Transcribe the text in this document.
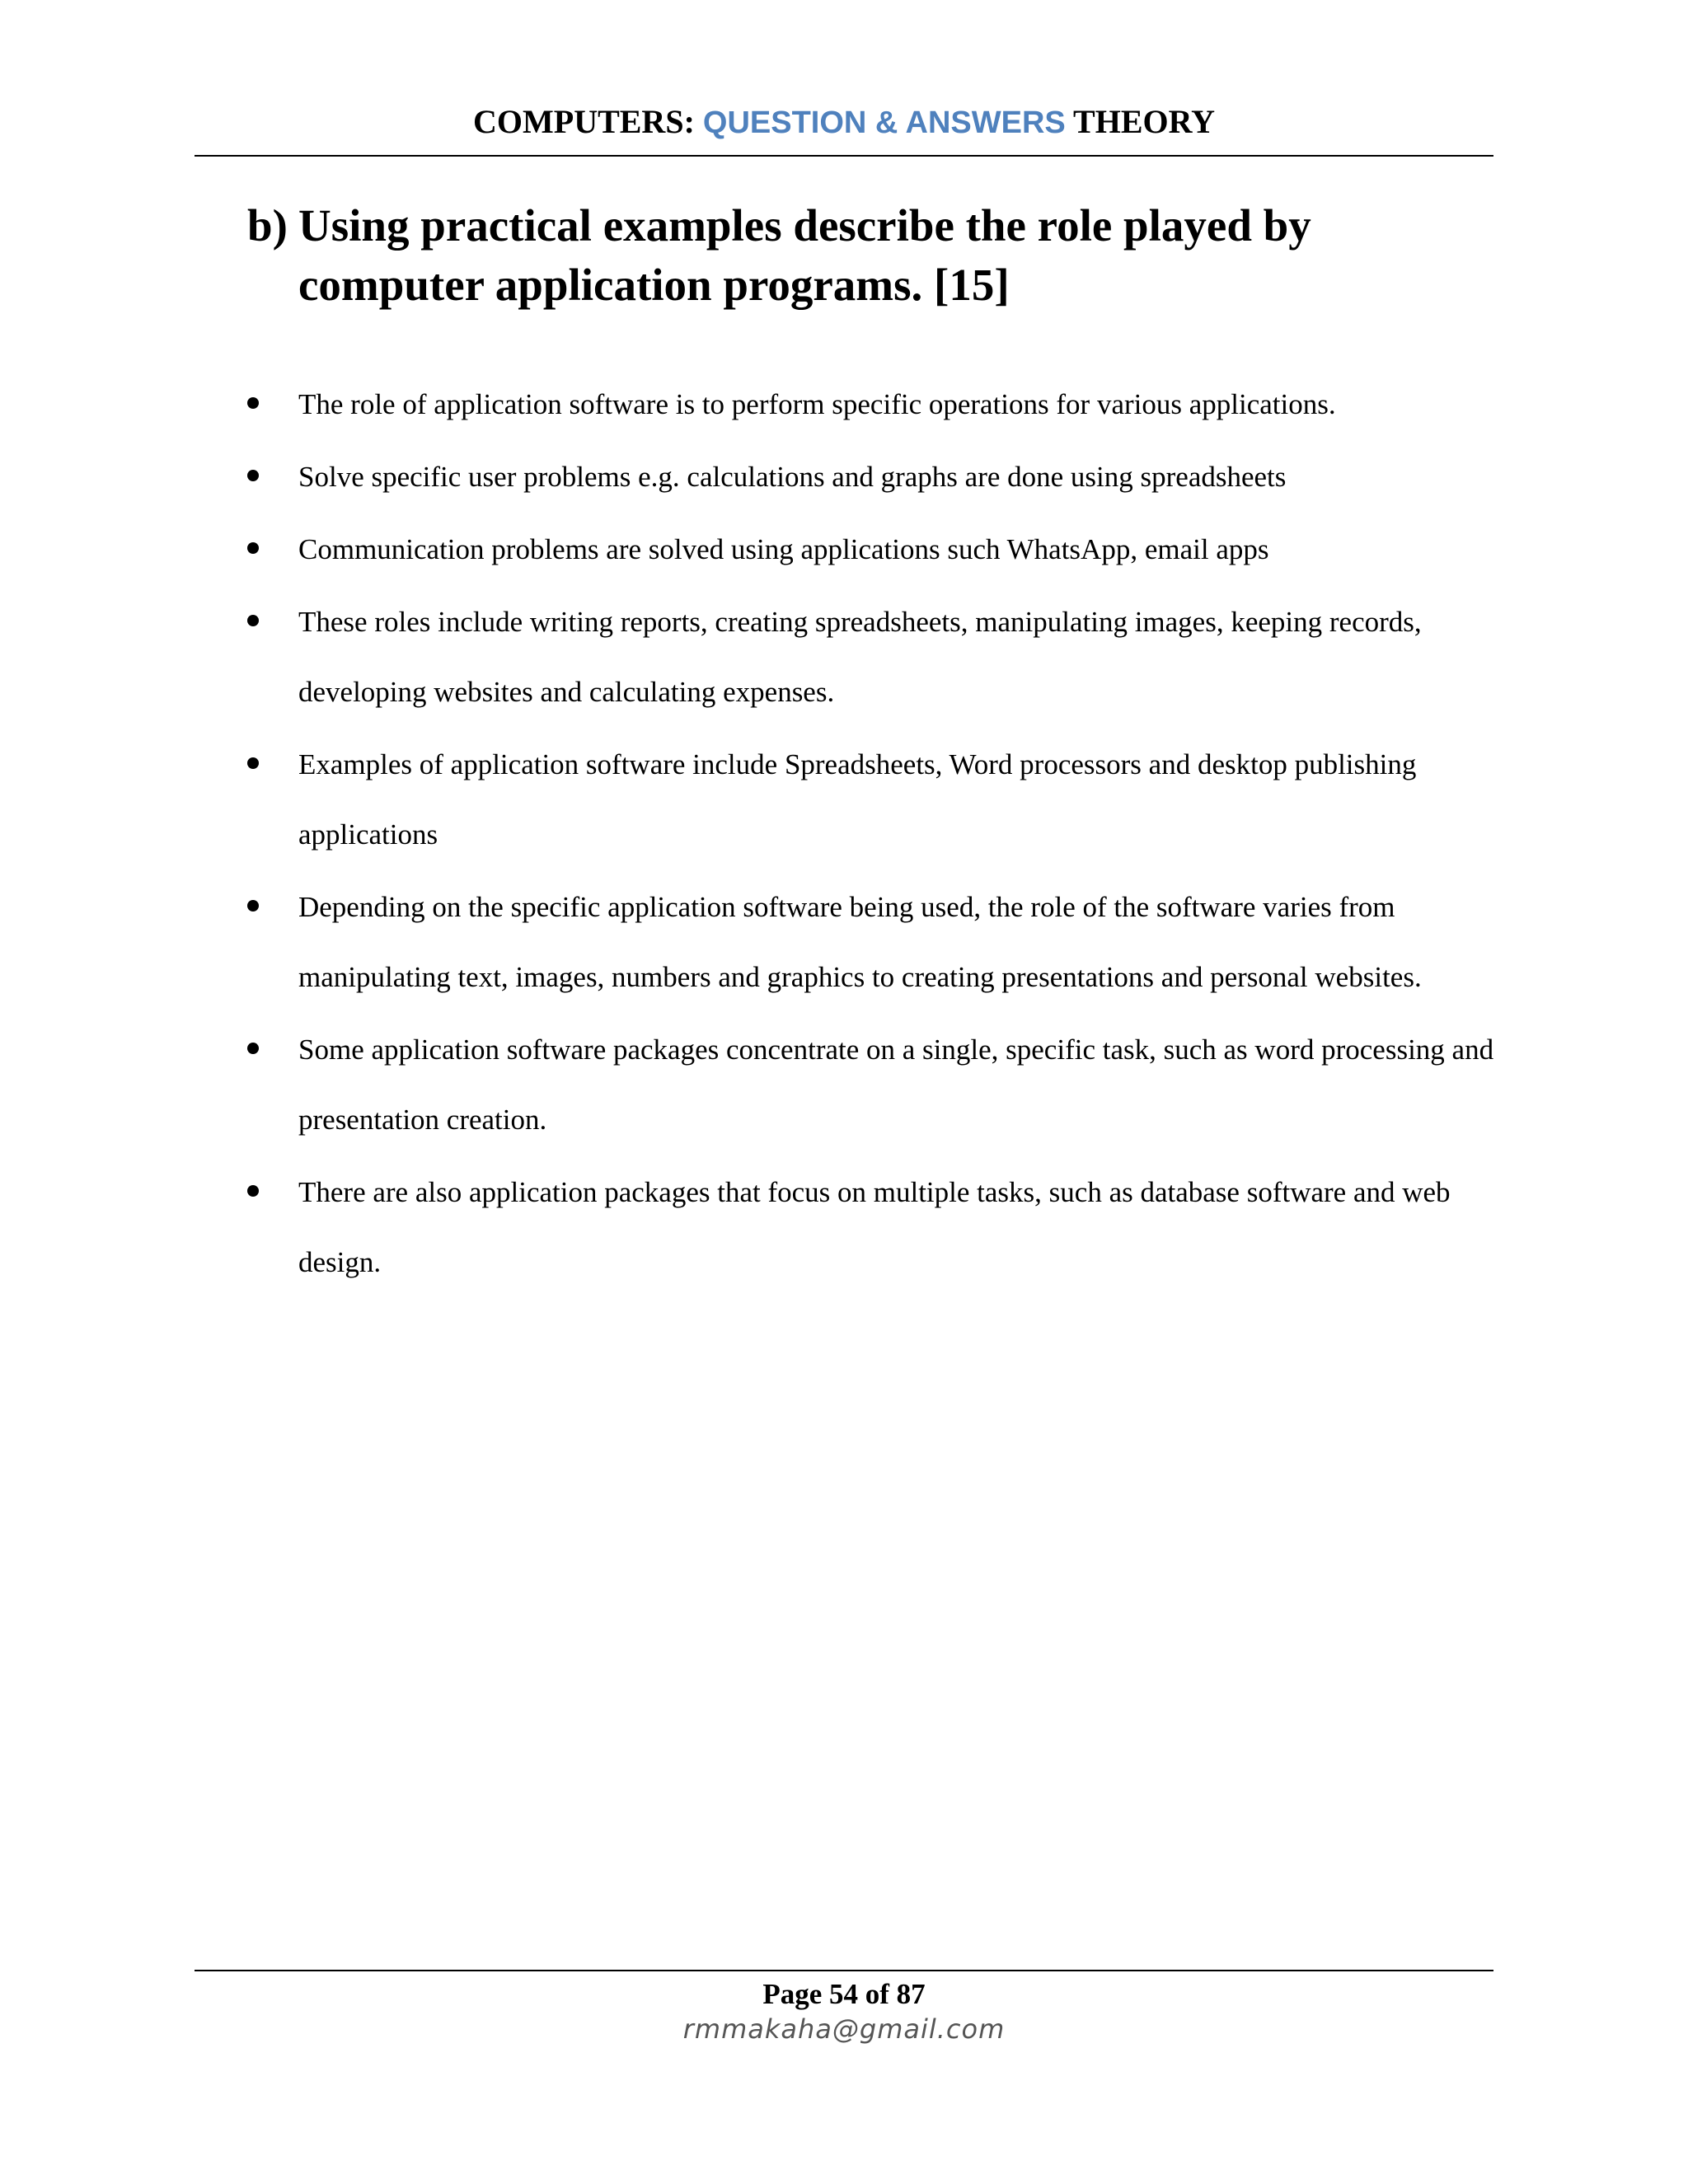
COMPUTERS: QUESTION & ANSWERS THEORY
b) Using practical examples describe the role played by computer application programs. [15]
The role of application software is to perform specific operations for various applications.
Solve specific user problems e.g. calculations and graphs are done using spreadsheets
Communication problems are solved using applications such WhatsApp, email apps
These roles include writing reports, creating spreadsheets, manipulating images, keeping records, developing websites and calculating expenses.
Examples of application software include Spreadsheets, Word processors and desktop publishing applications
Depending on the specific application software being used, the role of the software varies from manipulating text, images, numbers and graphics to creating presentations and personal websites.
Some application software packages concentrate on a single, specific task, such as word processing and presentation creation.
There are also application packages that focus on multiple tasks, such as database software and web design.
Page 54 of 87
rmmakaha@gmail.com
